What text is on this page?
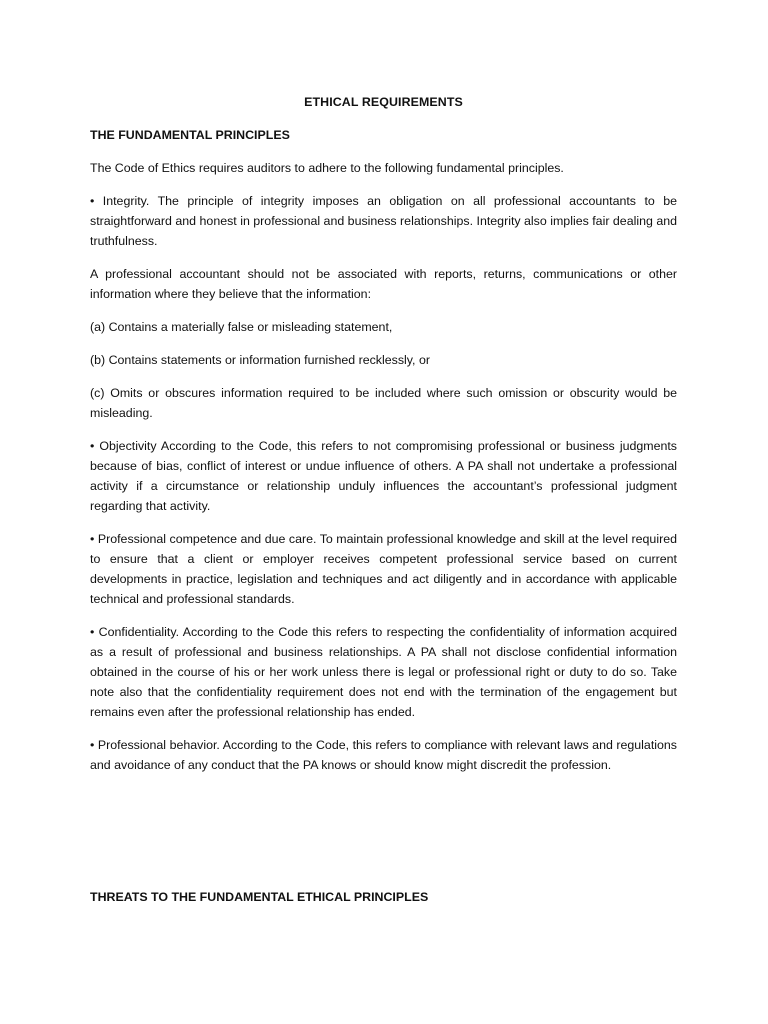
ETHICAL REQUIREMENTS
THE FUNDAMENTAL PRINCIPLES

The Code of Ethics requires auditors to adhere to the following fundamental principles.

• Integrity. The principle of integrity imposes an obligation on all professional accountants to be straightforward and honest in professional and business relationships. Integrity also implies fair dealing and truthfulness.

A professional accountant should not be associated with reports, returns, communications or other information where they believe that the information:

(a) Contains a materially false or misleading statement,

(b) Contains statements or information furnished recklessly, or

(c) Omits or obscures information required to be included where such omission or obscurity would be misleading.

• Objectivity According to the Code, this refers to not compromising professional or business judgments because of bias, conflict of interest or undue influence of others. A PA shall not undertake a professional activity if a circumstance or relationship unduly influences the accountant’s professional judgment regarding that activity.

• Professional competence and due care. To maintain professional knowledge and skill at the level required to ensure that a client or employer receives competent professional service based on current developments in practice, legislation and techniques and act diligently and in accordance with applicable technical and professional standards.

• Confidentiality. According to the Code this refers to respecting the confidentiality of information acquired as a result of professional and business relationships. A PA shall not disclose confidential information obtained in the course of his or her work unless there is legal or professional right or duty to do so. Take note also that the confidentiality requirement does not end with the termination of the engagement but remains even after the professional relationship has ended.

• Professional behavior. According to the Code, this refers to compliance with relevant laws and regulations and avoidance of any conduct that the PA knows or should know might discredit the profession.

THREATS TO THE FUNDAMENTAL ETHICAL PRINCIPLES
